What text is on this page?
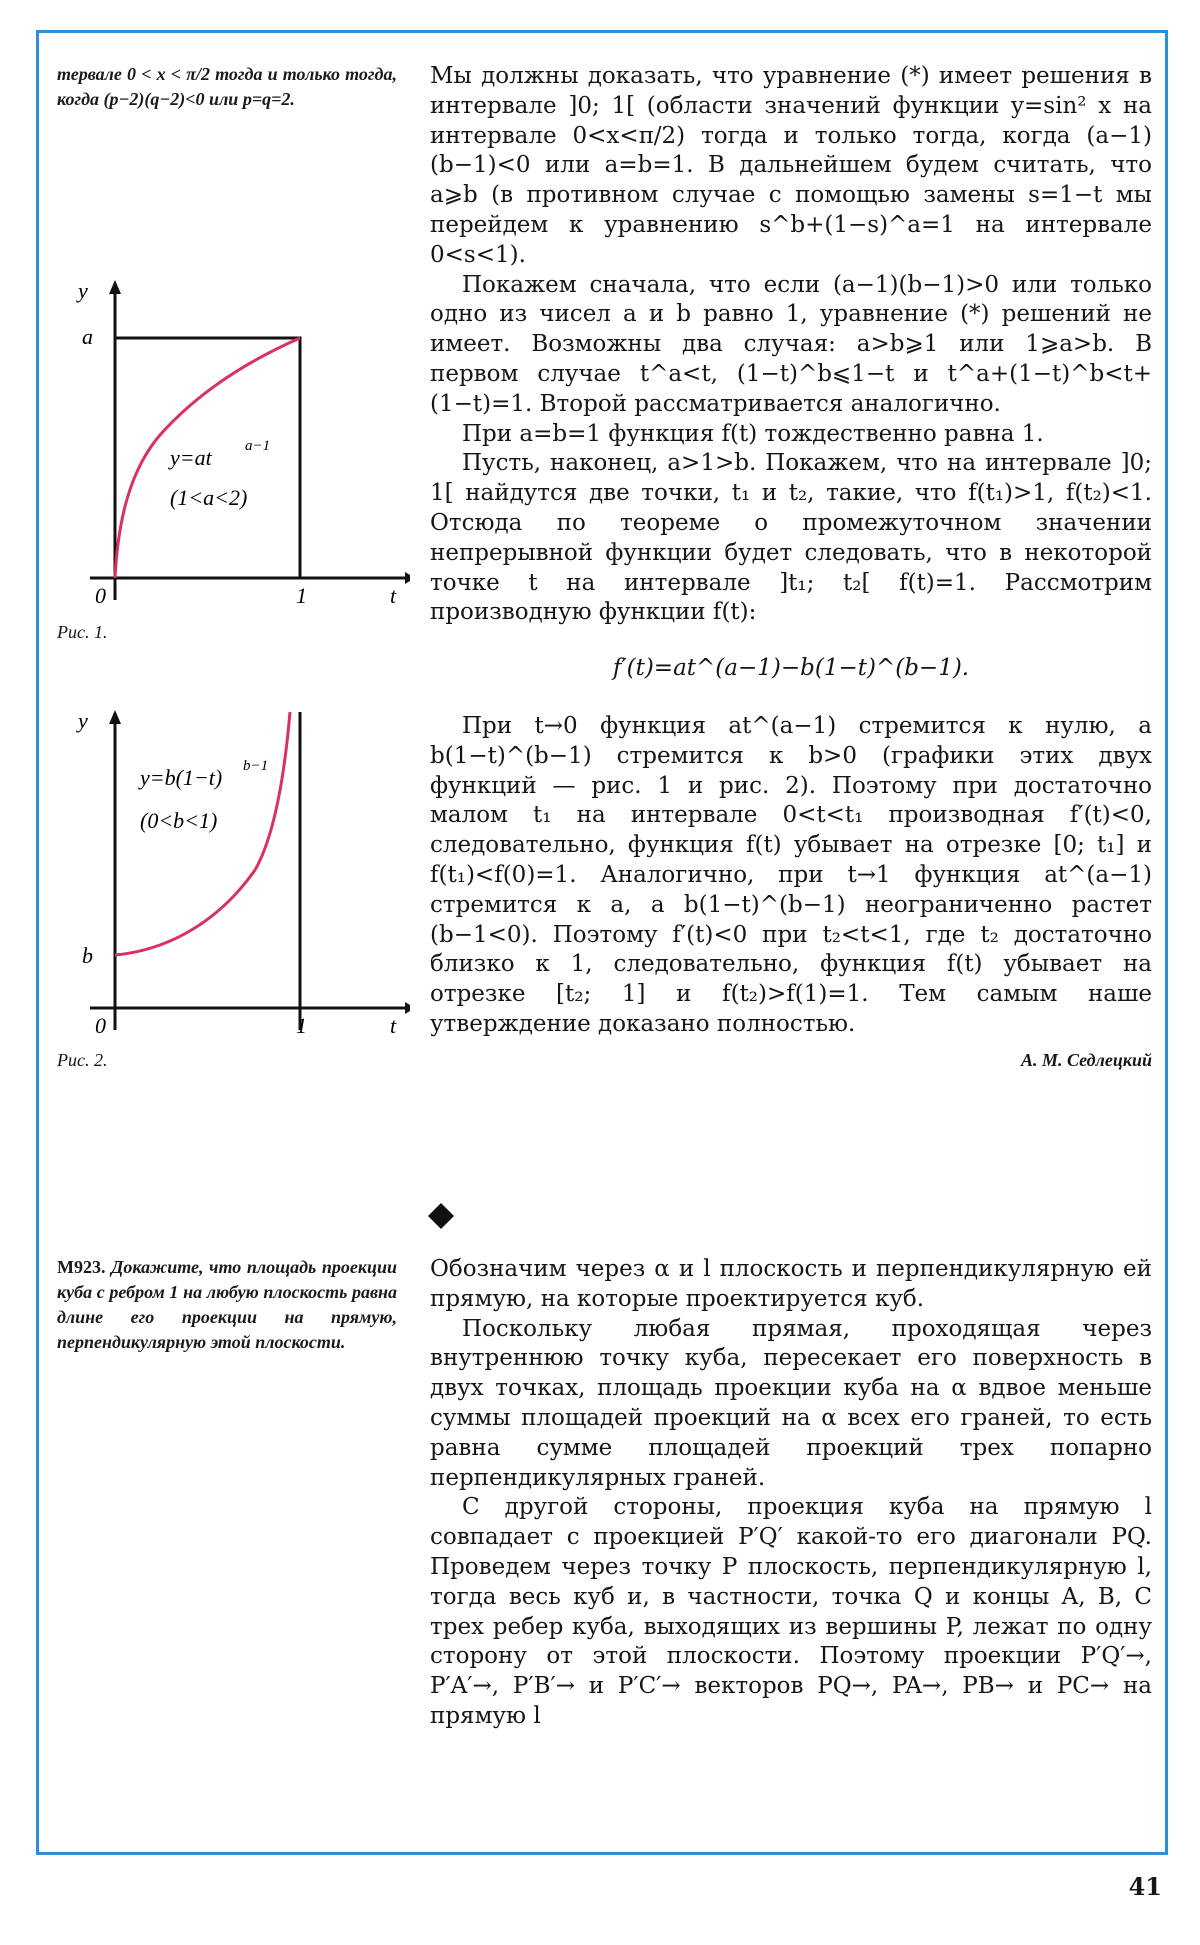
тервале 0 < x < π/2 тогда и только тогда, когда (p−2)(q−2)<0 или p=q=2.
y
a
0	1	t
y=at a−1
(1<a<2)
Рис. 1.
y
b
0	1	t
y=b(1−t) b−1
(0<b<1)
Рис. 2.
М923. Докажите, что площадь проекции куба с ребром 1 на любую плоскость равна длине его проекции на прямую, перпендикулярную этой плоскости.

Мы должны доказать, что уравнение (*) имеет решения в интервале ]0; 1[ (области значений функции y=sin² x на интервале 0<x<π/2) тогда и только тогда, когда (a−1)(b−1)<0 или a=b=1. В дальнейшем будем считать, что a⩾b (в противном случае с помощью замены s=1−t мы перейдем к уравнению s^b+(1−s)^a=1 на интервале 0<s<1).

Покажем сначала, что если (a−1)(b−1)>0 или только одно из чисел a и b равно 1, уравнение (*) решений не имеет. Возможны два случая: a>b⩾1 или 1⩾a>b. В первом случае t^a<t, (1−t)^b⩽1−t и t^a+(1−t)^b<t+(1−t)=1. Второй рассматривается аналогично.

При a=b=1 функция f(t) тождественно равна 1.

Пусть, наконец, a>1>b. Покажем, что на интервале ]0; 1[ найдутся две точки, t₁ и t₂, такие, что f(t₁)>1, f(t₂)<1. Отсюда по теореме о промежуточном значении непрерывной функции будет следовать, что в некоторой точке t на интервале ]t₁; t₂[ f(t)=1. Рассмотрим производную функции f(t):

f′(t)=at^(a−1)−b(1−t)^(b−1).

При t→0 функция at^(a−1) стремится к нулю, а b(1−t)^(b−1) стремится к b>0 (графики этих двух функций — рис. 1 и рис. 2). Поэтому при достаточно малом t₁ на интервале 0<t<t₁ производная f′(t)<0, следовательно, функция f(t) убывает на отрезке [0; t₁] и f(t₁)<f(0)=1. Аналогично, при t→1 функция at^(a−1) стремится к a, а b(1−t)^(b−1) неограниченно растет (b−1<0). Поэтому f′(t)<0 при t₂<t<1, где t₂ достаточно близко к 1, следовательно, функция f(t) убывает на отрезке [t₂; 1] и f(t₂)>f(1)=1. Тем самым наше утверждение доказано полностью.

А. М. Седлецкий

Обозначим через α и l плоскость и перпендикулярную ей прямую, на которые проектируется куб.

Поскольку любая прямая, проходящая через внутреннюю точку куба, пересекает его поверхность в двух точках, площадь проекции куба на α вдвое меньше суммы площадей проекций на α всех его граней, то есть равна сумме площадей проекций трех попарно перпендикулярных граней.

С другой стороны, проекция куба на прямую l совпадает с проекцией P′Q′ какой-то его диагонали PQ. Проведем через точку P плоскость, перпендикулярную l, тогда весь куб и, в частности, точка Q и концы A, B, C трех ребер куба, выходящих из вершины P, лежат по одну сторону от этой плоскости. Поэтому проекции P′Q′→, P′A′→, P′B′→ и P′C′→ векторов PQ→, PA→, PB→ и PC→ на прямую l

41
